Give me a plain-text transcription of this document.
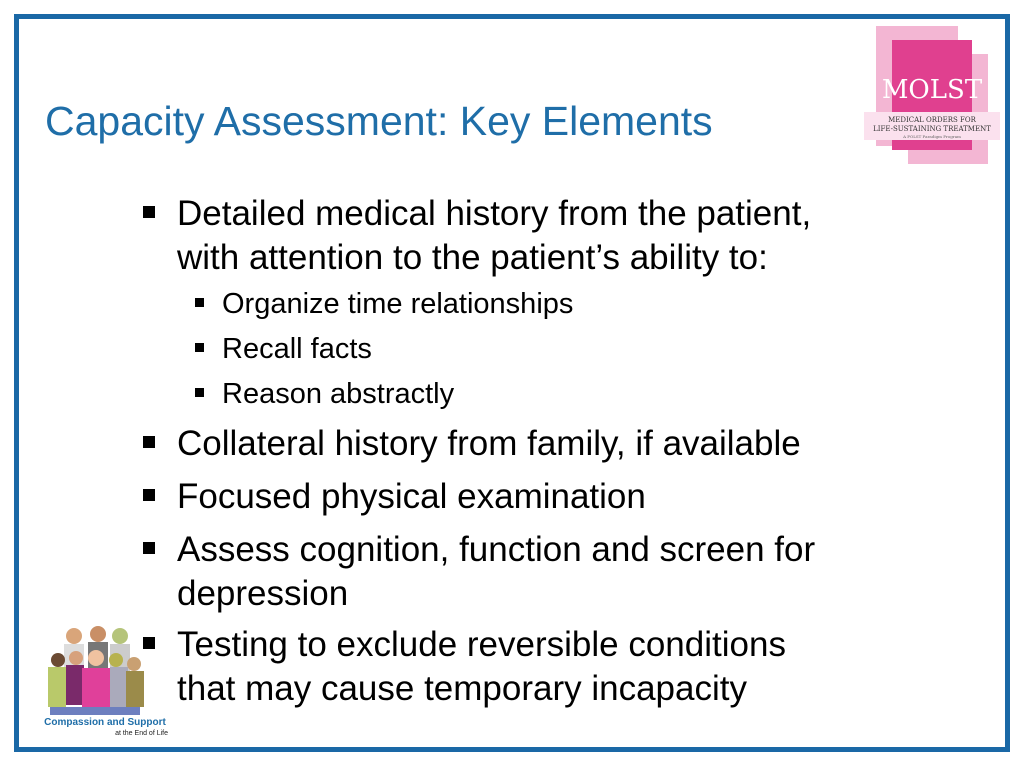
Capacity Assessment: Key Elements
MOLST
MEDICAL ORDERS FOR
LIFE-SUSTAINING TREATMENT
A POLST Paradigm Program
Compassion and Support
at the End of Life
Detailed medical history from the patient,
with attention to the patient’s ability to:
Organize time relationships
Recall facts
Reason abstractly
Collateral history from family, if available
Focused physical examination
Assess cognition, function and screen for
depression
Testing to exclude reversible conditions
that may cause temporary incapacity
